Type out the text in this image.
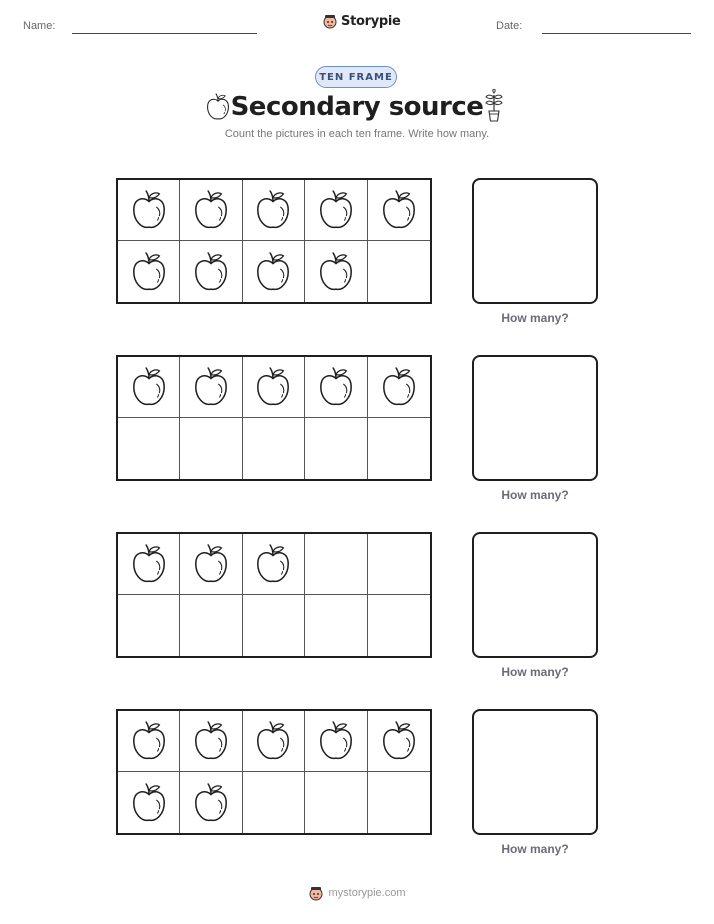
Name:	Storypie	Date:
TEN FRAME
Secondary source
Count the pictures in each ten frame. Write how many.
How many?
How many?
How many?
How many?
mystorypie.com
